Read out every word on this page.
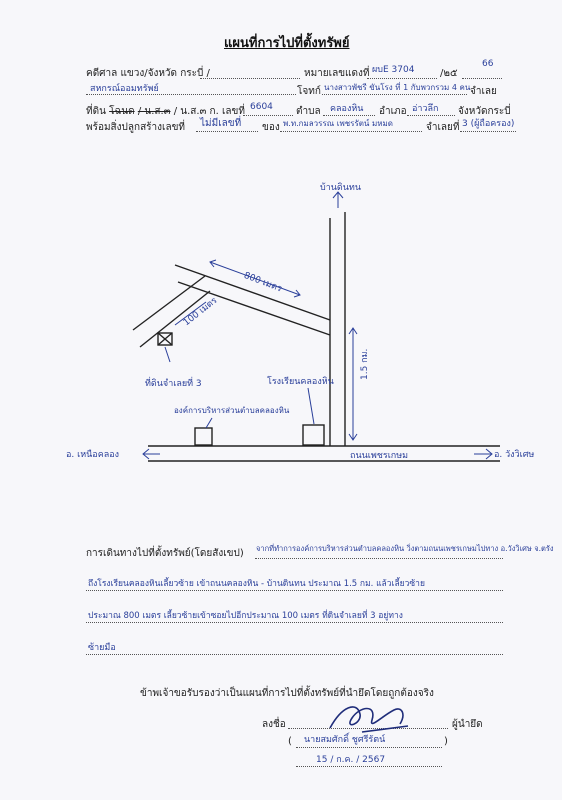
แผนที่การไปที่ตั้งทรัพย์
คดีศาล แขวง/จังหวัด กระบี่ /	หมายเลขแดงที่ ผบE 3704	/๒๕
66
สหกรณ์ออมทรัพย์	โจทก์ นางสาวพัชรี ขันโรง ที่ 1 กับพวกรวม 4 คน จำเลย
ที่ดิน โฉนด / น.ส.๓ / น.ส.๓ ก. เลขที่ 6604 ตำบล คลองหิน อำเภอ อ่าวลึก จังหวัดกระบี่
พร้อมสิ่งปลูกสร้างเลขที่ ไม่มีเลขที่ ของ พ.ท.กมลวรรณ เพชรรัตน์ มหมด	จำเลยที่ 3 (ผู้ถือครอง)
บ้านดินทน
800 เมตร
100 เมตร
1.5 กม.
ที่ดินจำเลยที่ 3	โรงเรียนคลองหิน
องค์การบริหารส่วนตำบลคลองหิน
ถนนเพชรเกษม
อ. เหนือคลอง	อ. วังวิเศษ
การเดินทางไปที่ตั้งทรัพย์(โดยสังเขป) จากที่ทำการองค์การบริหารส่วนตำบลคลองหิน วิ่งตามถนนเพชรเกษมไปทาง อ.วังวิเศษ จ.ตรัง
ถึงโรงเรียนคลองหินเลี้ยวซ้าย เข้าถนนคลองหิน - บ้านดินทน ประมาณ 1.5 กม. แล้วเลี้ยวซ้าย
ประมาณ 800 เมตร เลี้ยวซ้ายเข้าซอยไปอีกประมาณ 100 เมตร ที่ดินจำเลยที่ 3 อยู่ทาง
ซ้ายมือ
ข้าพเจ้าขอรับรองว่าเป็นแผนที่การไปที่ตั้งทรัพย์ที่นำยึดโดยถูกต้องจริง
ลงชื่อ	ผู้นำยึด
( นายสมศักดิ์ ชูศรีรัตน์	)
15 / ก.ค. / 2567
